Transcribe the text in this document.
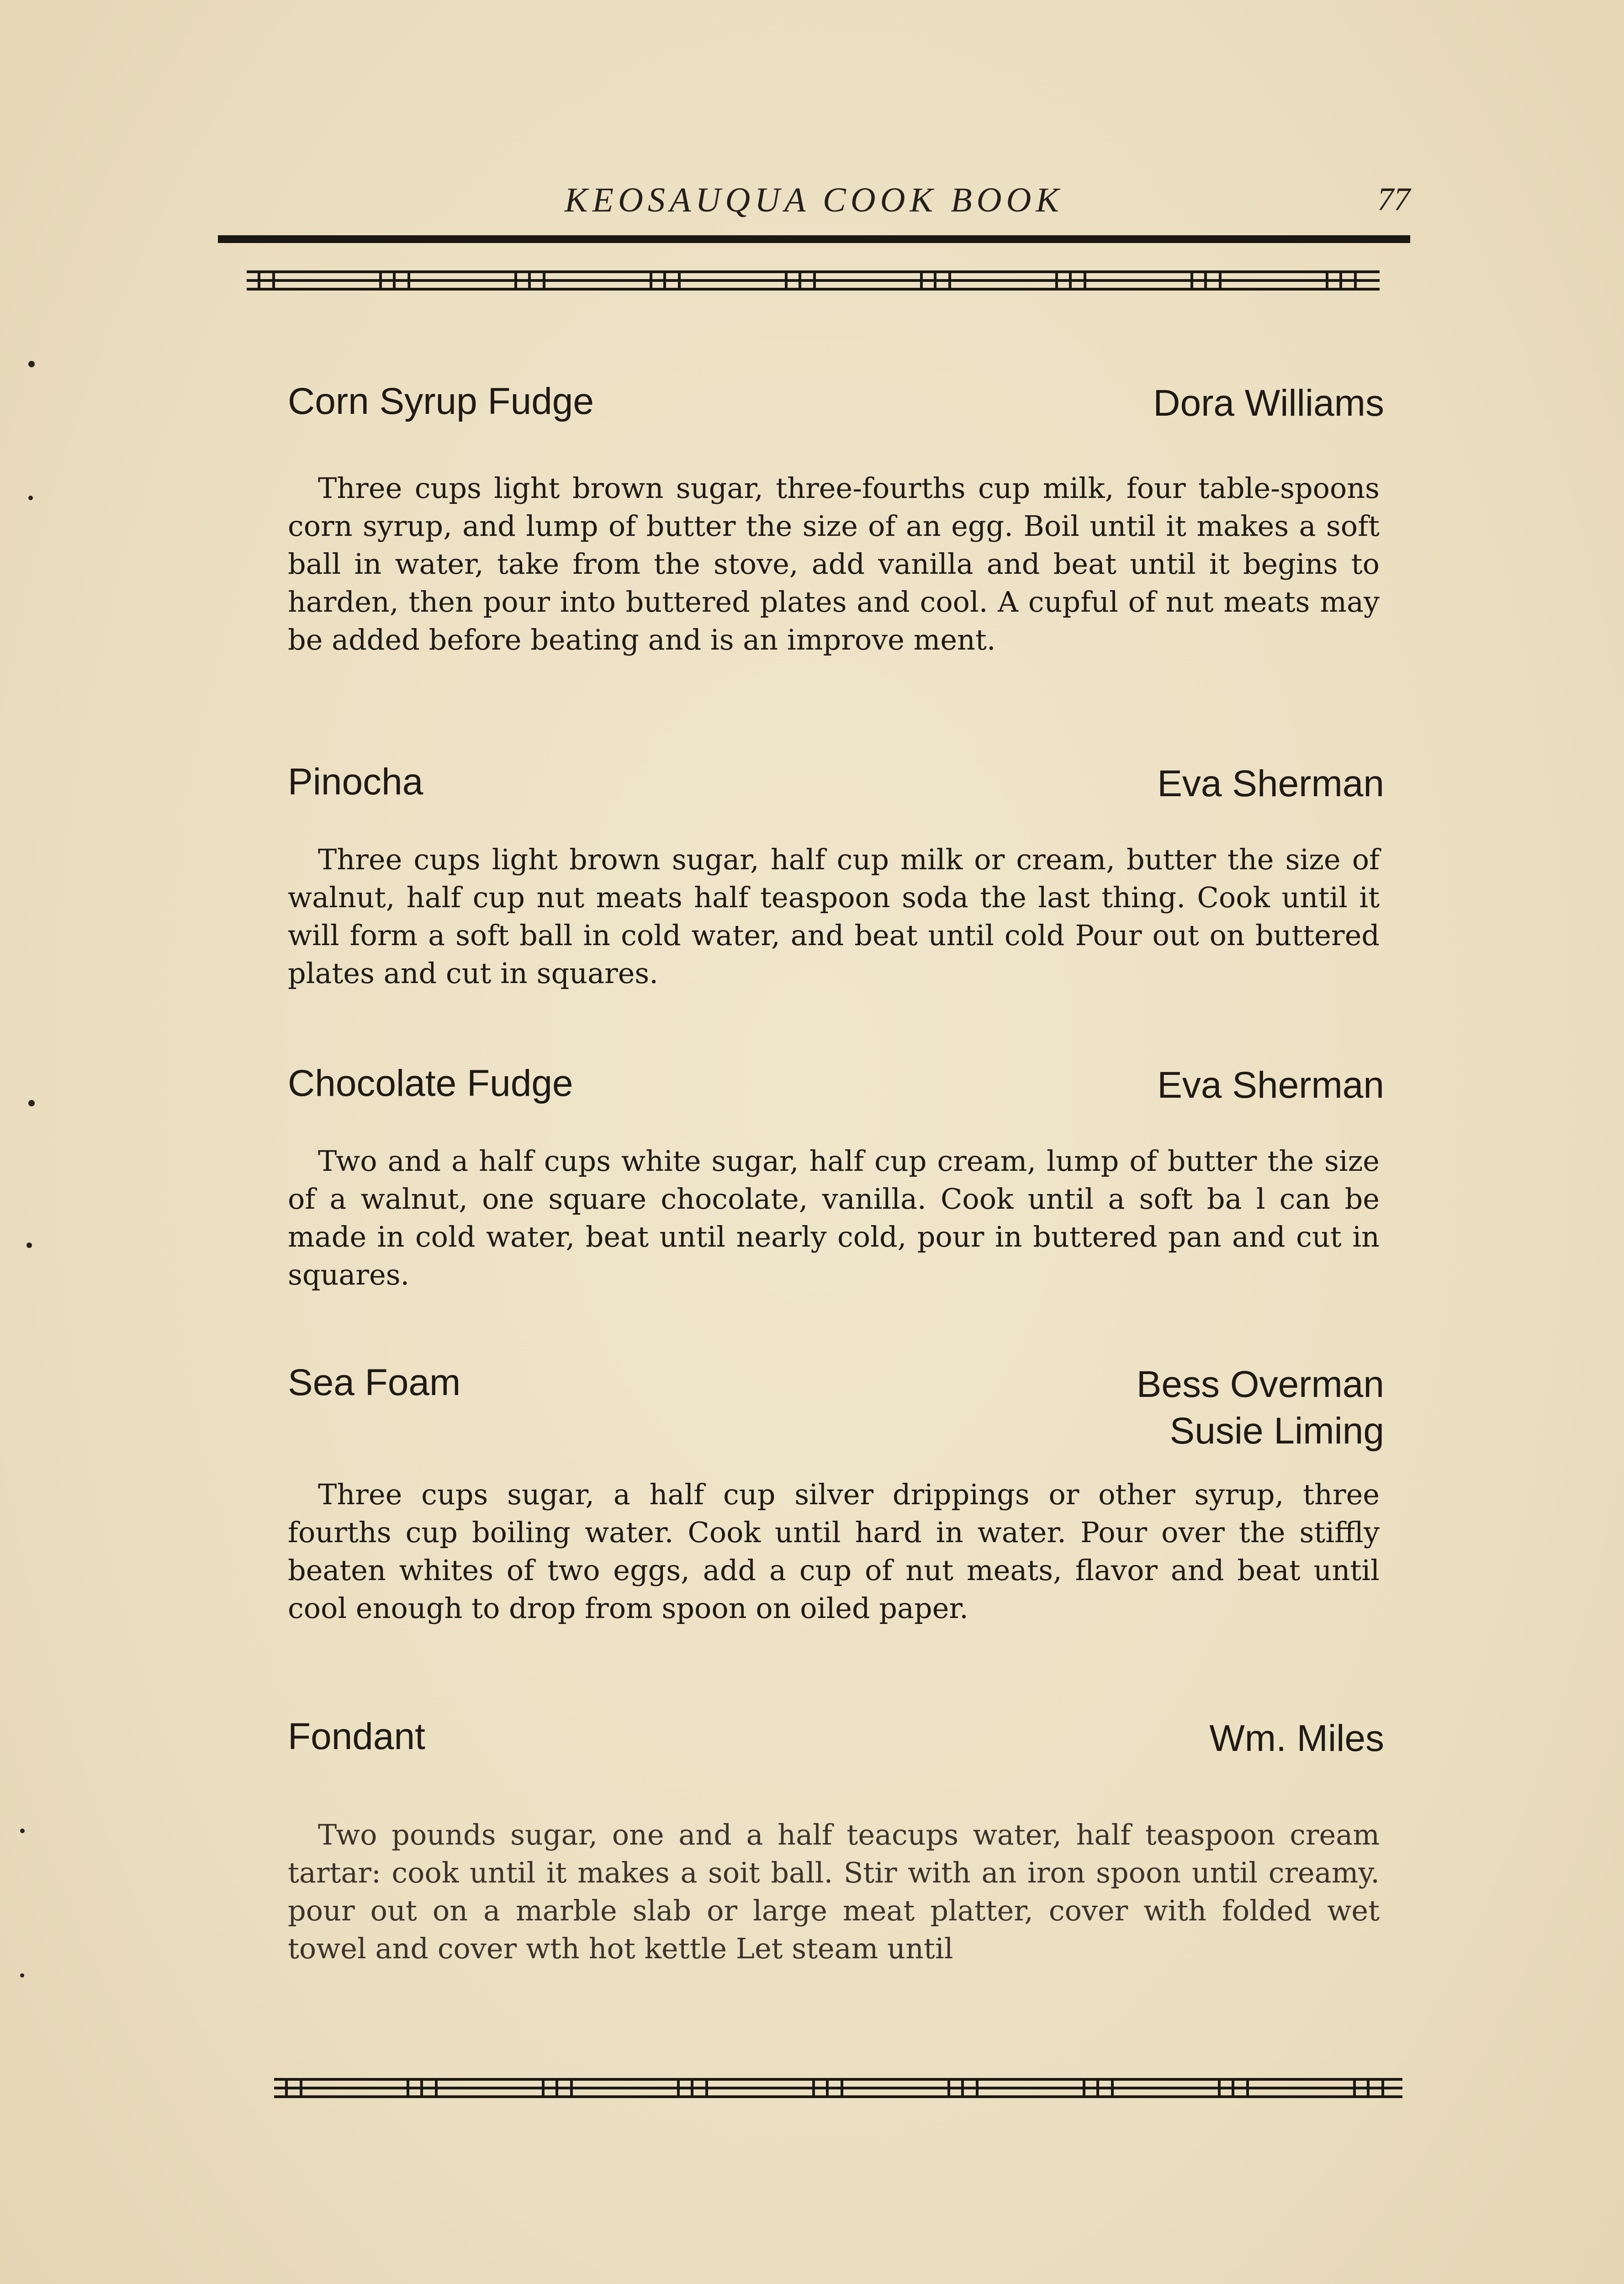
KEOSAUQUA COOK BOOK	77
Corn Syrup Fudge	Dora Williams
Three cups light brown sugar, three-fourths cup milk, four table-spoons corn syrup, and lump of butter the size of an egg. Boil until it makes a soft ball in water, take from the stove, add vanilla and beat until it begins to harden, then pour into buttered plates and cool. A cupful of nut meats may be added before beating and is an improve ment.
Pinocha	Eva Sherman
Three cups light brown sugar, half cup milk or cream, butter the size of walnut, half cup nut meats half teaspoon soda the last thing. Cook until it will form a soft ball in cold water, and beat until cold Pour out on buttered plates and cut in squares.
Chocolate Fudge	Eva Sherman
Two and a half cups white sugar, half cup cream, lump of butter the size of a walnut, one square chocolate, vanilla. Cook until a soft ba l can be made in cold water, beat until nearly cold, pour in buttered pan and cut in squares.
Sea Foam	Bess Overman
Susie Liming
Three cups sugar, a half cup silver drippings or other syrup, three fourths cup boiling water. Cook until hard in water. Pour over the stiffly beaten whites of two eggs, add a cup of nut meats, flavor and beat until cool enough to drop from spoon on oiled paper.
Fondant	Wm. Miles
Two pounds sugar, one and a half teacups water, half teaspoon cream tartar: cook until it makes a soit ball. Stir with an iron spoon until creamy. pour out on a marble slab or large meat platter, cover with folded wet towel and cover wth hot kettle Let steam until
